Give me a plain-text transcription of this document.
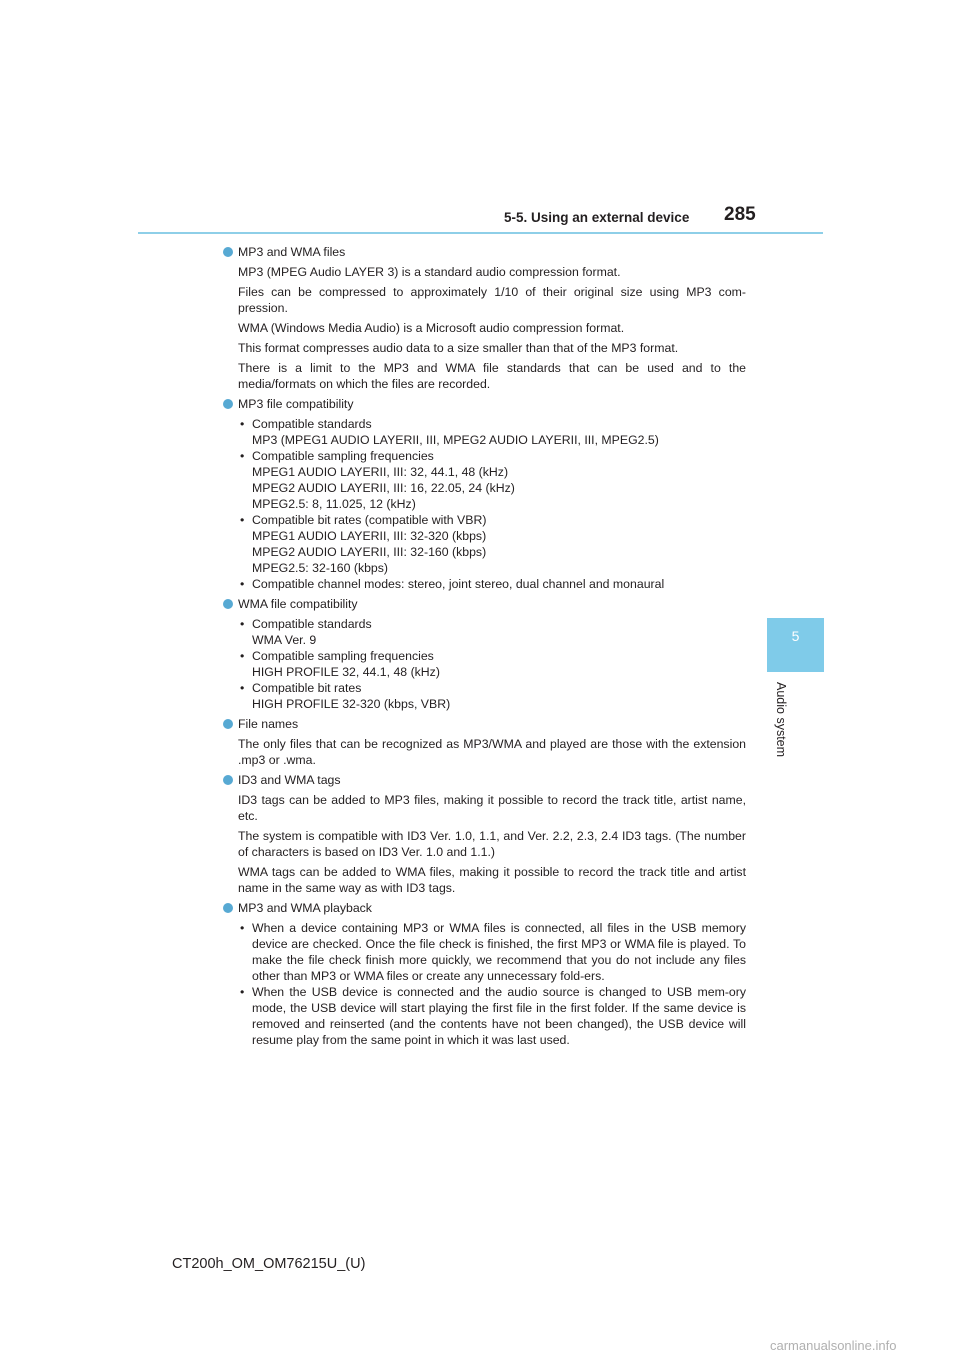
5-5. Using an external device 285
5
Audio system
MP3 and WMA files
MP3 (MPEG Audio LAYER 3) is a standard audio compression format.
Files can be compressed to approximately 1/10 of their original size using MP3 com-pression.
WMA (Windows Media Audio) is a Microsoft audio compression format.
This format compresses audio data to a size smaller than that of the MP3 format.
There is a limit to the MP3 and WMA file standards that can be used and to the media/formats on which the files are recorded.
MP3 file compatibility
• Compatible standards
MP3 (MPEG1 AUDIO LAYERII, III, MPEG2 AUDIO LAYERII, III, MPEG2.5)
• Compatible sampling frequencies
MPEG1 AUDIO LAYERII, III: 32, 44.1, 48 (kHz)
MPEG2 AUDIO LAYERII, III: 16, 22.05, 24 (kHz)
MPEG2.5: 8, 11.025, 12 (kHz)
• Compatible bit rates (compatible with VBR)
MPEG1 AUDIO LAYERII, III: 32-320 (kbps)
MPEG2 AUDIO LAYERII, III: 32-160 (kbps)
MPEG2.5: 32-160 (kbps)
• Compatible channel modes: stereo, joint stereo, dual channel and monaural
WMA file compatibility
• Compatible standards
WMA Ver. 9
• Compatible sampling frequencies
HIGH PROFILE 32, 44.1, 48 (kHz)
• Compatible bit rates
HIGH PROFILE 32-320 (kbps, VBR)
File names
The only files that can be recognized as MP3/WMA and played are those with the extension .mp3 or .wma.
ID3 and WMA tags
ID3 tags can be added to MP3 files, making it possible to record the track title, artist name, etc.
The system is compatible with ID3 Ver. 1.0, 1.1, and Ver. 2.2, 2.3, 2.4 ID3 tags. (The number of characters is based on ID3 Ver. 1.0 and 1.1.)
WMA tags can be added to WMA files, making it possible to record the track title and artist name in the same way as with ID3 tags.
MP3 and WMA playback
• When a device containing MP3 or WMA files is connected, all files in the USB memory device are checked. Once the file check is finished, the first MP3 or WMA file is played. To make the file check finish more quickly, we recommend that you do not include any files other than MP3 or WMA files or create any unnecessary fold-ers.
• When the USB device is connected and the audio source is changed to USB mem-ory mode, the USB device will start playing the first file in the first folder. If the same device is removed and reinserted (and the contents have not been changed), the USB device will resume play from the same point in which it was last used.
CT200h_OM_OM76215U_(U)
carmanualsonline.info
